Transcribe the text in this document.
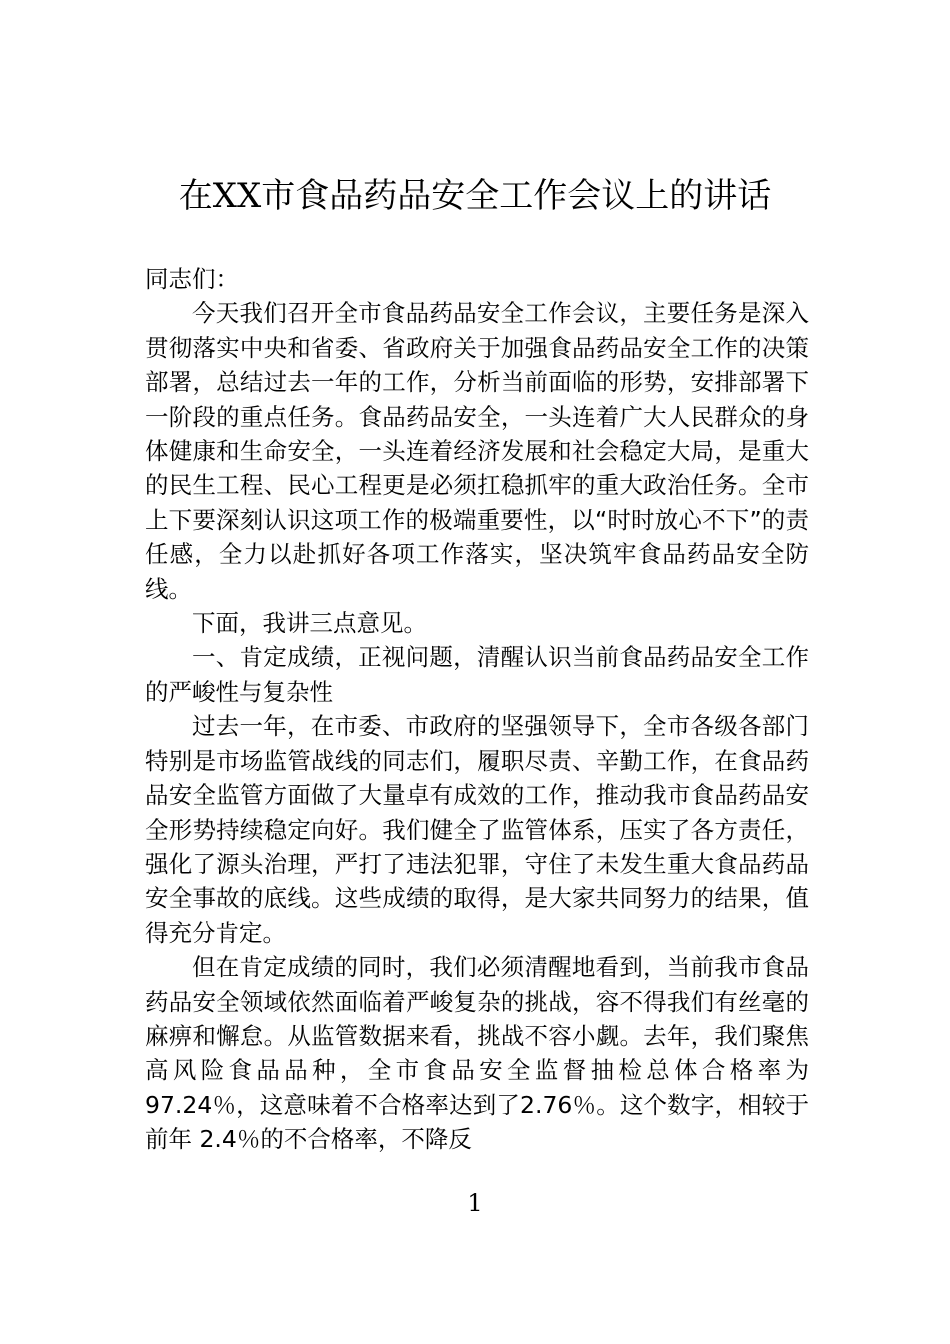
在XX市食品药品安全工作会议上的讲话

同志们：

今天我们召开全市食品药品安全工作会议，主要任务是深入贯彻落实中央和省委、省政府关于加强食品药品安全工作的决策部署，总结过去一年的工作，分析当前面临的形势，安排部署下一阶段的重点任务。食品药品安全，一头连着广大人民群众的身体健康和生命安全，一头连着经济发展和社会稳定大局，是重大的民生工程、民心工程更是必须扛稳抓牢的重大政治任务。全市上下要深刻认识这项工作的极端重要性，以“时时放心不下”的责任感，全力以赴抓好各项工作落实，坚决筑牢食品药品安全防线。

下面，我讲三点意见。

一、肯定成绩，正视问题，清醒认识当前食品药品安全工作的严峻性与复杂性

过去一年，在市委、市政府的坚强领导下，全市各级各部门特别是市场监管战线的同志们，履职尽责、辛勤工作，在食品药品安全监管方面做了大量卓有成效的工作，推动我市食品药品安全形势持续稳定向好。我们健全了监管体系，压实了各方责任，强化了源头治理，严打了违法犯罪，守住了未发生重大食品药品安全事故的底线。这些成绩的取得，是大家共同努力的结果，值得充分肯定。

但在肯定成绩的同时，我们必须清醒地看到，当前我市食品药品安全领域依然面临着严峻复杂的挑战，容不得我们有丝毫的麻痹和懈怠。从监管数据来看，挑战不容小觑。去年，我们聚焦高风险食品品种，全市食品安全监督抽检总体合格率为 97.24％，这意味着不合格率达到了2.76％。这个数字，相较于前年 2.4％的不合格率，不降反

1
